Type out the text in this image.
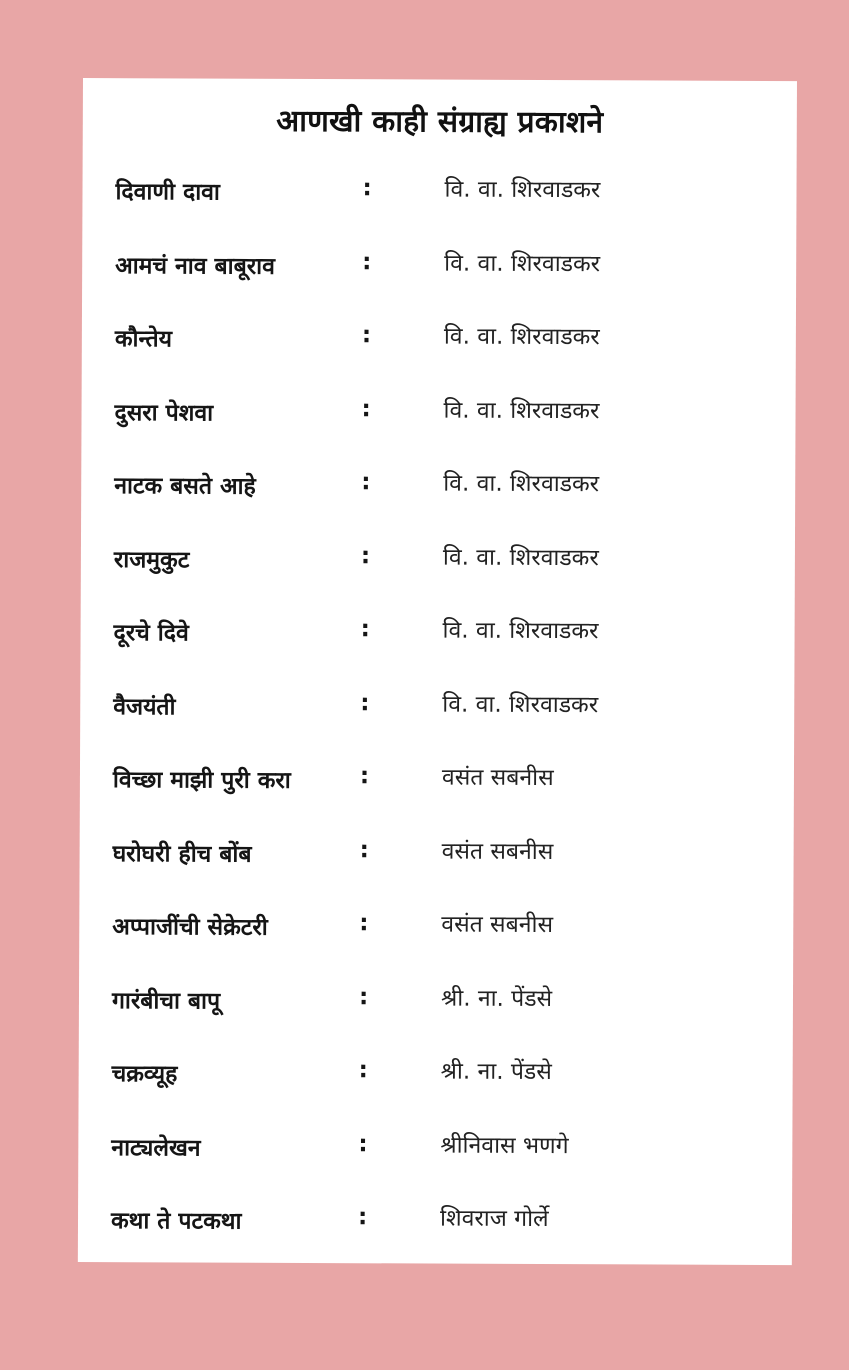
आणखी काही संग्राह्य प्रकाशने
दिवाणी दावा	:	वि. वा. शिरवाडकर
आमचं नाव बाबूराव	:	वि. वा. शिरवाडकर
कौन्तेय	:	वि. वा. शिरवाडकर
दुसरा पेशवा	:	वि. वा. शिरवाडकर
नाटक बसते आहे	:	वि. वा. शिरवाडकर
राजमुकुट	:	वि. वा. शिरवाडकर
दूरचे दिवे	:	वि. वा. शिरवाडकर
वैजयंती	:	वि. वा. शिरवाडकर
विच्छा माझी पुरी करा	:	वसंत सबनीस
घरोघरी हीच बोंब	:	वसंत सबनीस
अप्पाजींची सेक्रेटरी	:	वसंत सबनीस
गारंबीचा बापू	:	श्री. ना. पेंडसे
चक्रव्यूह	:	श्री. ना. पेंडसे
नाट्यलेखन	:	श्रीनिवास भणगे
कथा ते पटकथा	:	शिवराज गोर्ले
